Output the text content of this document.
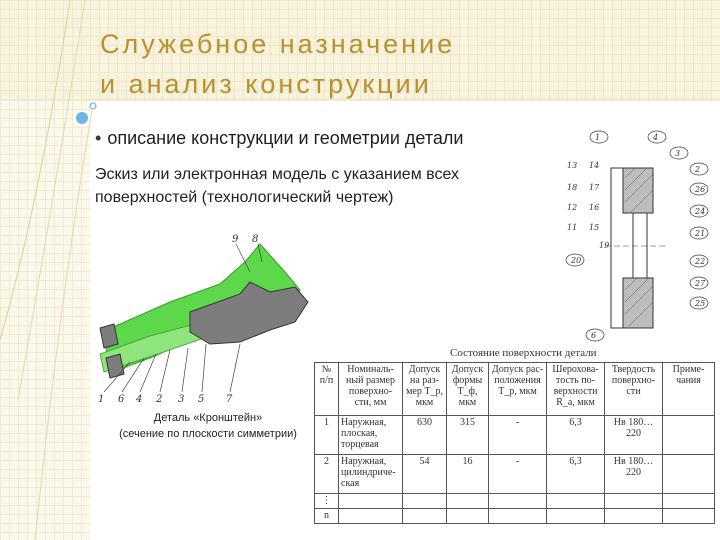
Служебное назначение
и анализ конструкции
• описание конструкции и геометрии детали
Эскиз или электронная модель с указанием всех поверхностей (технологический чертеж)
9 8
1 6 4 2 3 5 7
Деталь «Кронштейн»
(сечение по плоскости симметрии)
13 14
18 17
12 16
11 15
20
19
1	4
3
2
26
24
21
22
27
25
6
Состояние поверхности детали
№ п/п	Номиналь-ный размер поверхно-сти, мм	Допуск на раз-мер T_р, мкм	Допуск формы T_ф, мкм	Допуск рас-положения T_р, мкм	Шерохова-тость по-верхности R_a, мкм	Твердость поверхно-сти	Приме-чания
1	Наружная, плоская, торцевая	630	315	-	6,3	Нв 180…220	
2	Наружная, цилиндриче-ская	54	16	-	6,3	Нв 180…220	
⋮							
n							
